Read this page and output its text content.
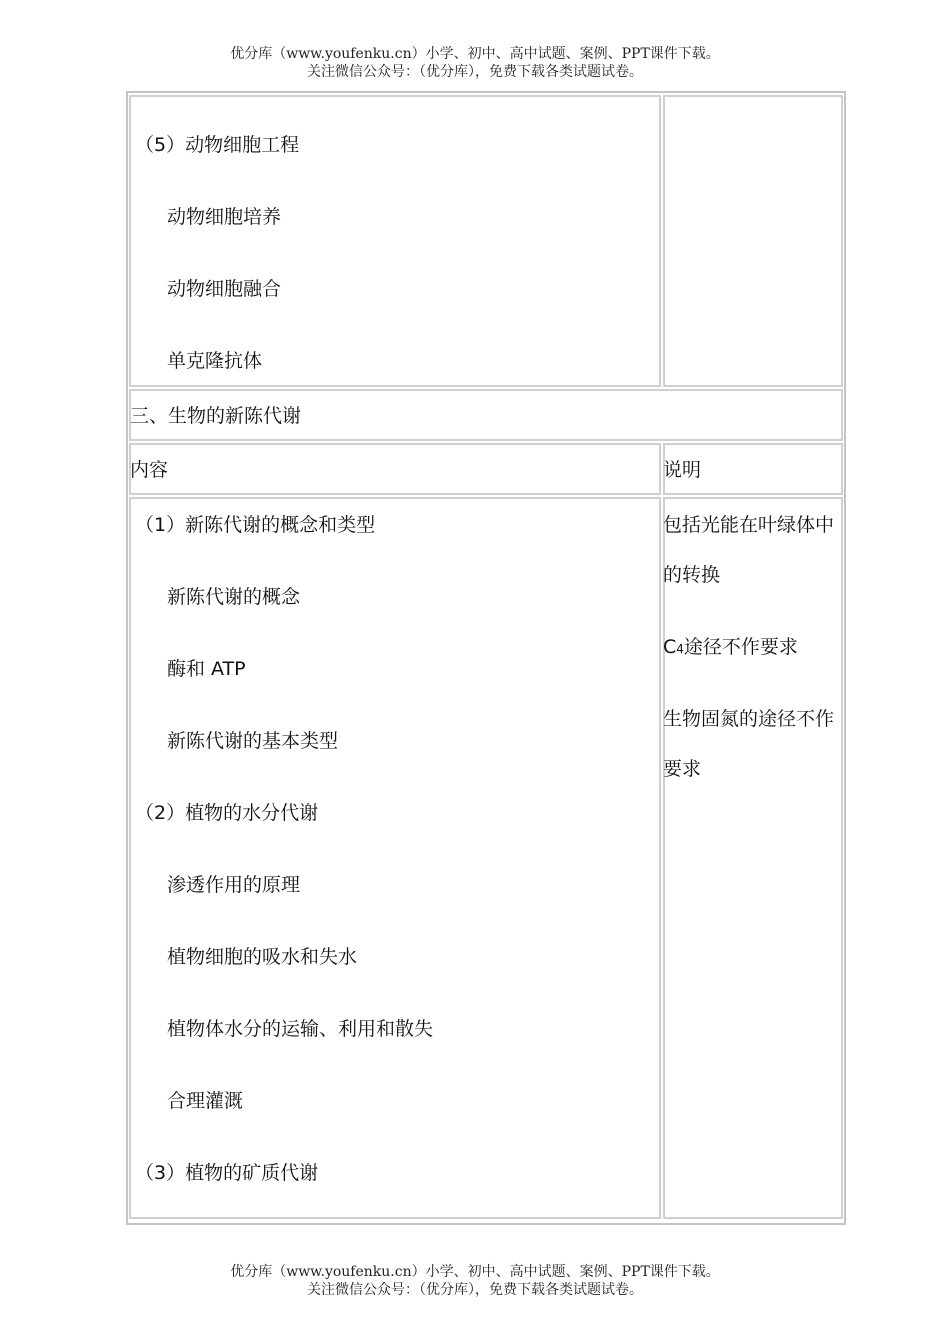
优分库（www.youfenku.cn）小学、初中、高中试题、案例、PPT课件下载。
关注微信公众号：（优分库），免费下载各类试题试卷。
（5）动物细胞工程
动物细胞培养
动物细胞融合
单克隆抗体
三、生物的新陈代谢
内容	说明
（1）新陈代谢的概念和类型
新陈代谢的概念
酶和 ATP
新陈代谢的基本类型
（2）植物的水分代谢
渗透作用的原理
植物细胞的吸水和失水
植物体水分的运输、利用和散失
合理灌溉
（3）植物的矿质代谢
包括光能在叶绿体中
的转换
C4途径不作要求
生物固氮的途径不作
要求
优分库（www.youfenku.cn）小学、初中、高中试题、案例、PPT课件下载。
关注微信公众号：（优分库），免费下载各类试题试卷。
